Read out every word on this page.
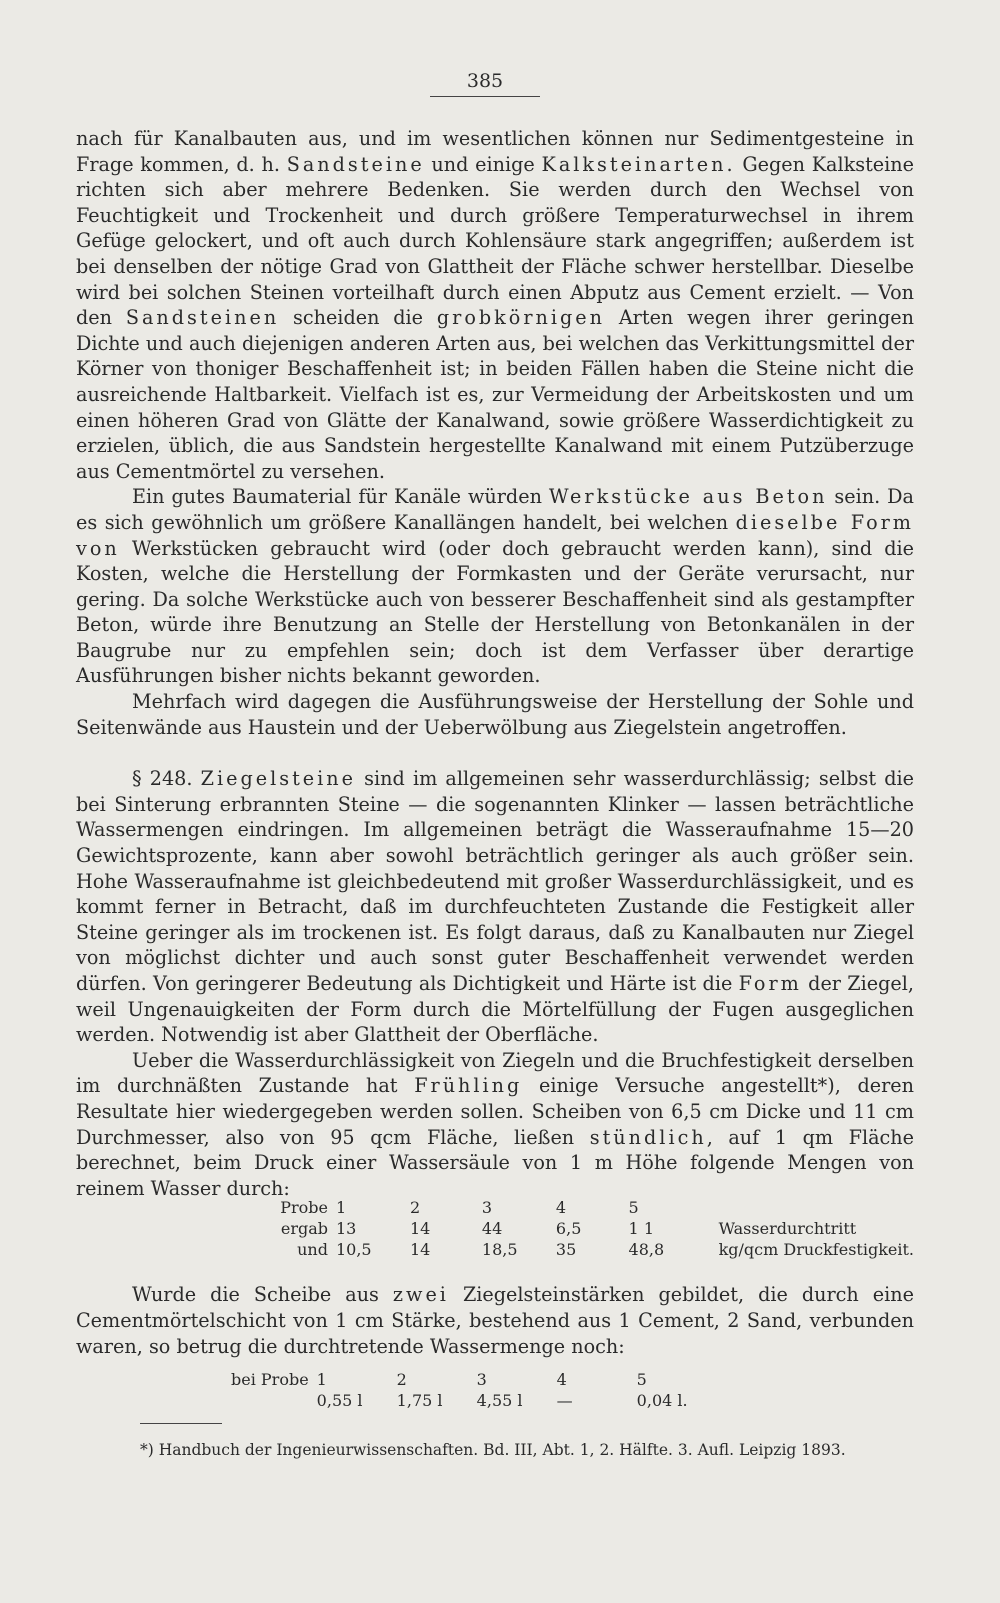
385

nach für Kanalbauten aus, und im wesentlichen können nur Sedimentgesteine in Frage kommen, d. h. Sandsteine und einige Kalksteinarten. Gegen Kalksteine richten sich aber mehrere Bedenken. Sie werden durch den Wechsel von Feuchtigkeit und Trockenheit und durch größere Temperaturwechsel in ihrem Gefüge gelockert, und oft auch durch Kohlensäure stark angegriffen; außerdem ist bei denselben der nötige Grad von Glattheit der Fläche schwer herstellbar. Dieselbe wird bei solchen Steinen vorteilhaft durch einen Abputz aus Cement erzielt. — Von den Sandsteinen scheiden die grobkörnigen Arten wegen ihrer geringen Dichte und auch diejenigen anderen Arten aus, bei welchen das Verkittungsmittel der Körner von thoniger Beschaffenheit ist; in beiden Fällen haben die Steine nicht die ausreichende Haltbarkeit. Vielfach ist es, zur Vermeidung der Arbeitskosten und um einen höheren Grad von Glätte der Kanalwand, sowie größere Wasserdichtigkeit zu erzielen, üblich, die aus Sandstein hergestellte Kanalwand mit einem Putzüberzuge aus Cementmörtel zu versehen.

Ein gutes Baumaterial für Kanäle würden Werkstücke aus Beton sein. Da es sich gewöhnlich um größere Kanallängen handelt, bei welchen dieselbe Form von Werkstücken gebraucht wird (oder doch gebraucht werden kann), sind die Kosten, welche die Herstellung der Formkasten und der Geräte verursacht, nur gering. Da solche Werkstücke auch von besserer Beschaffenheit sind als gestampfter Beton, würde ihre Benutzung an Stelle der Herstellung von Betonkanälen in der Baugrube nur zu empfehlen sein; doch ist dem Verfasser über derartige Ausführungen bisher nichts bekannt geworden.

Mehrfach wird dagegen die Ausführungsweise der Herstellung der Sohle und Seitenwände aus Haustein und der Ueberwölbung aus Ziegelstein angetroffen.

§ 248. Ziegelsteine sind im allgemeinen sehr wasserdurchlässig; selbst die bei Sinterung erbrannten Steine — die sogenannten Klinker — lassen beträchtliche Wassermengen eindringen. Im allgemeinen beträgt die Wasseraufnahme 15—20 Gewichtsprozente, kann aber sowohl beträchtlich geringer als auch größer sein. Hohe Wasseraufnahme ist gleichbedeutend mit großer Wasserdurchlässigkeit, und es kommt ferner in Betracht, daß im durchfeuchteten Zustande die Festigkeit aller Steine geringer als im trockenen ist. Es folgt daraus, daß zu Kanalbauten nur Ziegel von möglichst dichter und auch sonst guter Beschaffenheit verwendet werden dürfen. Von geringerer Bedeutung als Dichtigkeit und Härte ist die Form der Ziegel, weil Ungenauigkeiten der Form durch die Mörtelfüllung der Fugen ausgeglichen werden. Notwendig ist aber Glattheit der Oberfläche.

Ueber die Wasserdurchlässigkeit von Ziegeln und die Bruchfestigkeit derselben im durchnäßten Zustande hat Frühling einige Versuche angestellt*), deren Resultate hier wiedergegeben werden sollen. Scheiben von 6,5 cm Dicke und 11 cm Durchmesser, also von 95 qcm Fläche, ließen stündlich, auf 1 qm Fläche berechnet, beim Druck einer Wassersäule von 1 m Höhe folgende Mengen von reinem Wasser durch:

Probe	1	2	3	4	5	
ergab	13	14	44	6,5	1 1	Wasserdurchtritt
und	10,5	14	18,5	35	48,8	kg/qcm Druckfestigkeit.

Wurde die Scheibe aus zwei Ziegelsteinstärken gebildet, die durch eine Cementmörtelschicht von 1 cm Stärke, bestehend aus 1 Cement, 2 Sand, verbunden waren, so betrug die durchtretende Wassermenge noch:

bei Probe	1	2	3	4	5
	0,55 l	1,75 l	4,55 l	—	0,04 l.
*) Handbuch der Ingenieurwissenschaften. Bd. III, Abt. 1, 2. Hälfte. 3. Aufl. Leipzig 1893.
